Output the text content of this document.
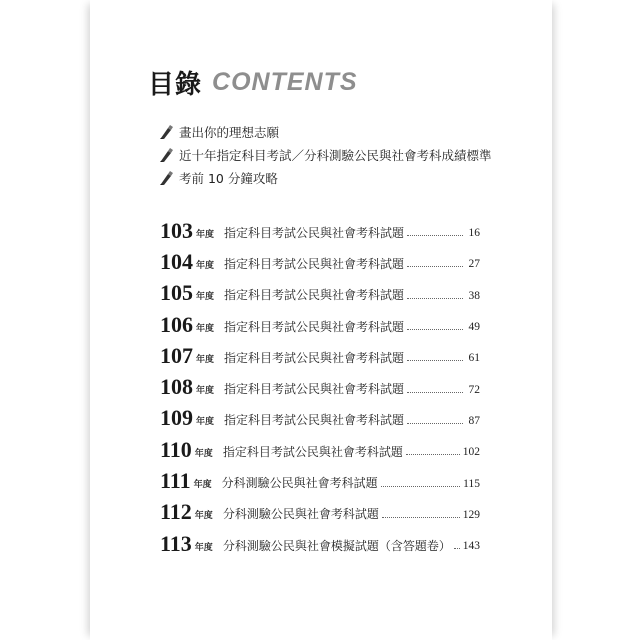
目錄 CONTENTS
畫出你的理想志願
近十年指定科目考試／分科測驗公民與社會考科成績標準
考前 10 分鐘攻略
103 年度 指定科目考試公民與社會考科試題	16
104 年度 指定科目考試公民與社會考科試題	27
105 年度 指定科目考試公民與社會考科試題	38
106 年度 指定科目考試公民與社會考科試題	49
107 年度 指定科目考試公民與社會考科試題	61
108 年度 指定科目考試公民與社會考科試題	72
109 年度 指定科目考試公民與社會考科試題	87
110 年度 指定科目考試公民與社會考科試題	102
111 年度 分科測驗公民與社會考科試題	115
112 年度 分科測驗公民與社會考科試題	129
113 年度 分科測驗公民與社會模擬試題（含答題卷） 143
